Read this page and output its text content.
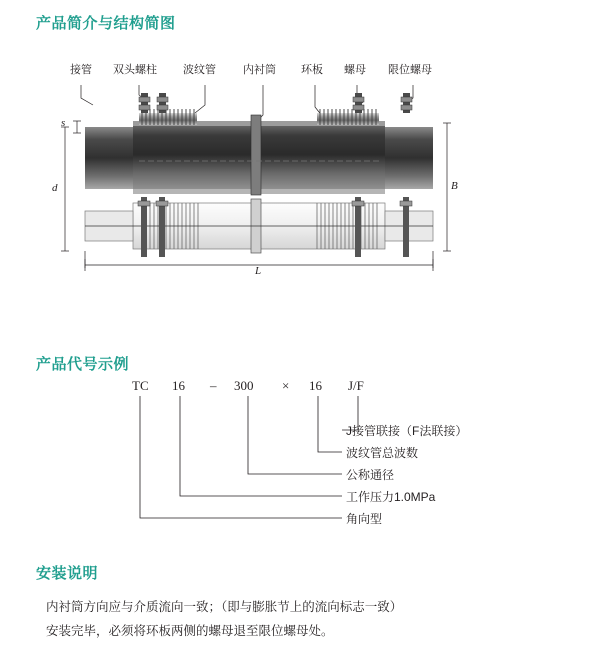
产品简介与结构简图
接管 双头螺柱 波纹管 内衬筒 环板 螺母 限位螺母
s
d	B
L
产品代号示例
TC 16 – 300 × 16 J/F
J接管联接（F法联接）
波纹管总波数
公称通径
工作压力1.0MPa
角向型
安装说明

内衬筒方向应与介质流向一致；（即与膨胀节上的流向标志一致）

安装完毕，必须将环板两侧的螺母退至限位螺母处。
